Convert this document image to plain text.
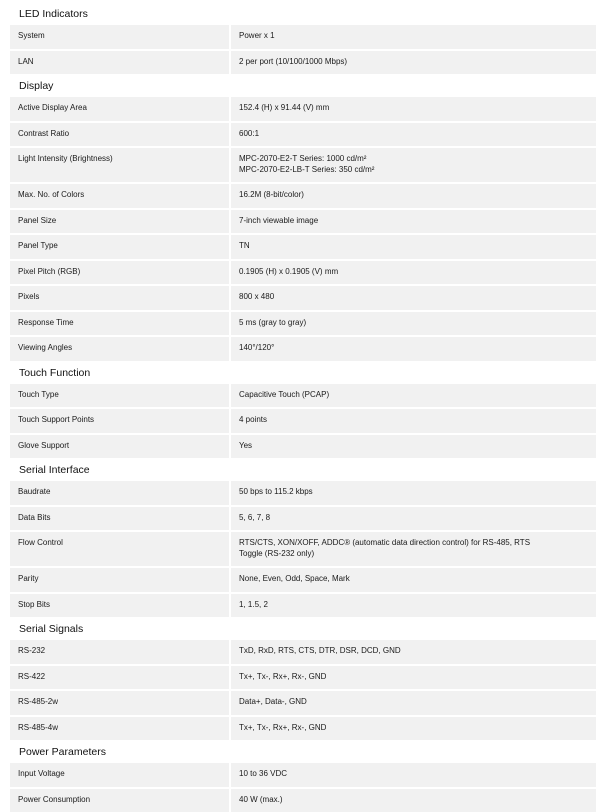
LED Indicators
System	Power x 1
LAN	2 per port (10/100/1000 Mbps)
Display
Active Display Area	152.4 (H) x 91.44 (V) mm
Contrast Ratio	600:1
Light Intensity (Brightness)	MPC-2070-E2-T Series: 1000 cd/m²
MPC-2070-E2-LB-T Series: 350 cd/m²
Max. No. of Colors	16.2M (8-bit/color)
Panel Size	7-inch viewable image
Panel Type	TN
Pixel Pitch (RGB)	0.1905 (H) x 0.1905 (V) mm
Pixels	800 x 480
Response Time	5 ms (gray to gray)
Viewing Angles	140°/120°
Touch Function
Touch Type	Capacitive Touch (PCAP)
Touch Support Points	4 points
Glove Support	Yes
Serial Interface
Baudrate	50 bps to 115.2 kbps
Data Bits	5, 6, 7, 8
Flow Control	RTS/CTS, XON/XOFF, ADDC® (automatic data direction control) for RS-485, RTS
Toggle (RS-232 only)
Parity	None, Even, Odd, Space, Mark
Stop Bits	1, 1.5, 2
Serial Signals
RS-232	TxD, RxD, RTS, CTS, DTR, DSR, DCD, GND
RS-422	Tx+, Tx-, Rx+, Rx-, GND
RS-485-2w	Data+, Data-, GND
RS-485-4w	Tx+, Tx-, Rx+, Rx-, GND
Power Parameters
Input Voltage	10 to 36 VDC
Power Consumption	40 W (max.)
